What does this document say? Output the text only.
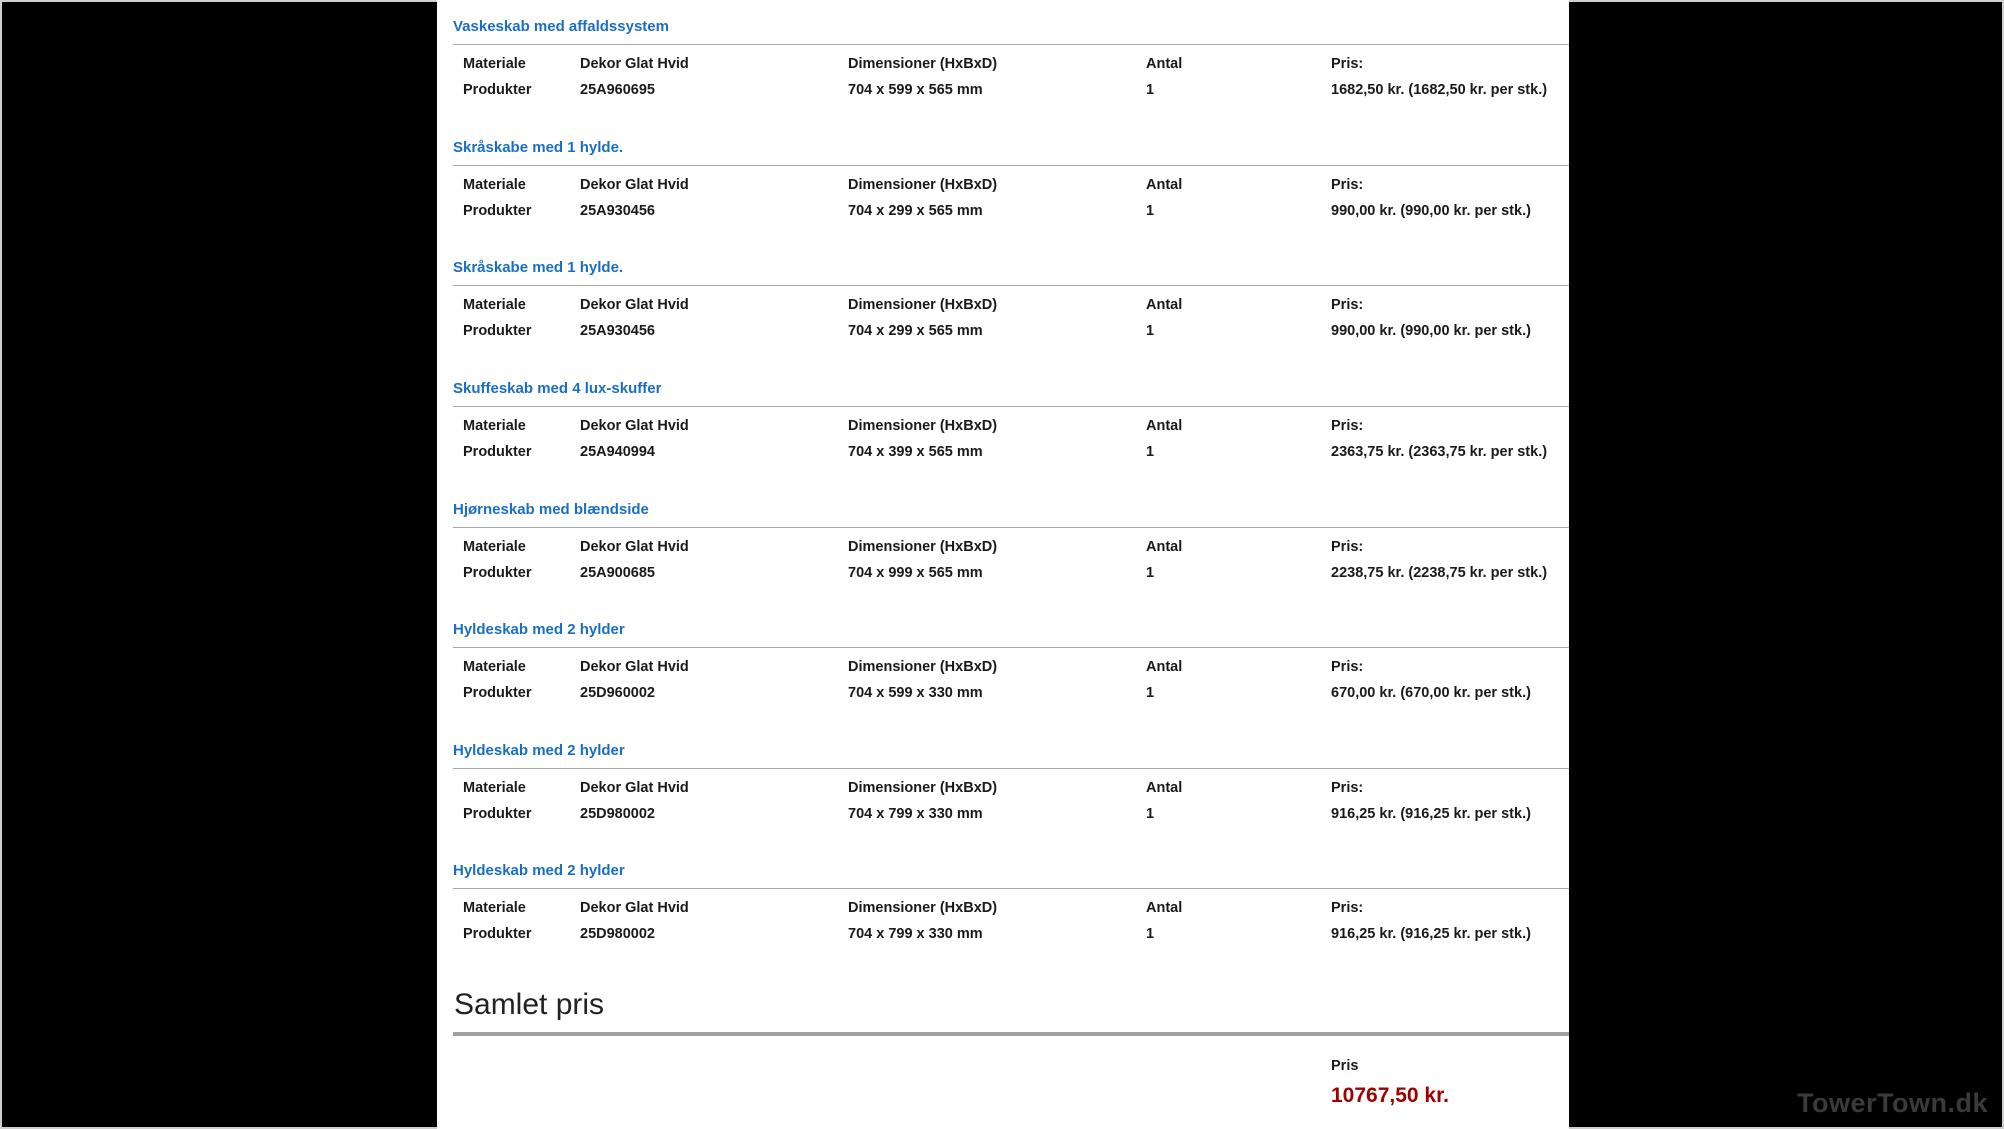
Vaskeskab med affaldssystem
Materiale	Dekor Glat Hvid	Dimensioner (HxBxD)	Antal	Pris:
Produkter	25A960695	704 x 599 x 565 mm	1	1682,50 kr. (1682,50 kr. per stk.)
Skråskabe med 1 hylde.
Materiale	Dekor Glat Hvid	Dimensioner (HxBxD)	Antal	Pris:
Produkter	25A930456	704 x 299 x 565 mm	1	990,00 kr. (990,00 kr. per stk.)
Skråskabe med 1 hylde.
Materiale	Dekor Glat Hvid	Dimensioner (HxBxD)	Antal	Pris:
Produkter	25A930456	704 x 299 x 565 mm	1	990,00 kr. (990,00 kr. per stk.)
Skuffeskab med 4 lux-skuffer
Materiale	Dekor Glat Hvid	Dimensioner (HxBxD)	Antal	Pris:
Produkter	25A940994	704 x 399 x 565 mm	1	2363,75 kr. (2363,75 kr. per stk.)
Hjørneskab med blændside
Materiale	Dekor Glat Hvid	Dimensioner (HxBxD)	Antal	Pris:
Produkter	25A900685	704 x 999 x 565 mm	1	2238,75 kr. (2238,75 kr. per stk.)
Hyldeskab med 2 hylder
Materiale	Dekor Glat Hvid	Dimensioner (HxBxD)	Antal	Pris:
Produkter	25D960002	704 x 599 x 330 mm	1	670,00 kr. (670,00 kr. per stk.)
Hyldeskab med 2 hylder
Materiale	Dekor Glat Hvid	Dimensioner (HxBxD)	Antal	Pris:
Produkter	25D980002	704 x 799 x 330 mm	1	916,25 kr. (916,25 kr. per stk.)
Hyldeskab med 2 hylder
Materiale	Dekor Glat Hvid	Dimensioner (HxBxD)	Antal	Pris:
Produkter	25D980002	704 x 799 x 330 mm	1	916,25 kr. (916,25 kr. per stk.)
Samlet pris
Pris
10767,50 kr.	TowerTown.dk
